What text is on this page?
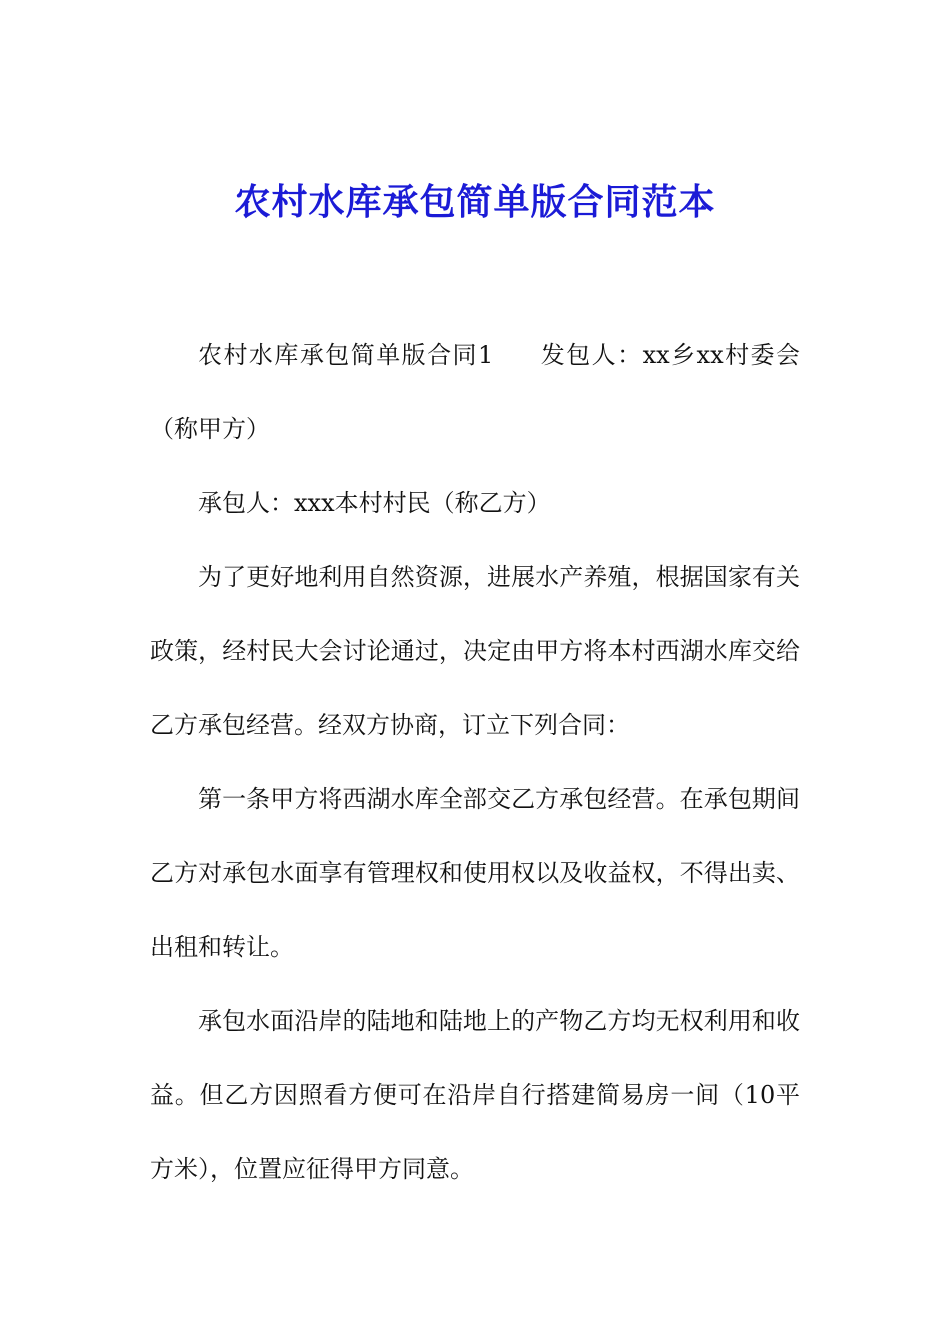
农村水库承包简单版合同范本

农村水库承包简单版合同1 发包人：xx乡xx村委会（称甲方）

承包人：xxx本村村民（称乙方）

为了更好地利用自然资源，进展水产养殖，根据国家有关政策，经村民大会讨论通过，决定由甲方将本村西湖水库交给乙方承包经营。经双方协商，订立下列合同：

第一条甲方将西湖水库全部交乙方承包经营。在承包期间乙方对承包水面享有管理权和使用权以及收益权，不得出卖、出租和转让。

承包水面沿岸的陆地和陆地上的产物乙方均无权利用和收益。但乙方因照看方便可在沿岸自行搭建简易房一间（10平方米），位置应征得甲方同意。
